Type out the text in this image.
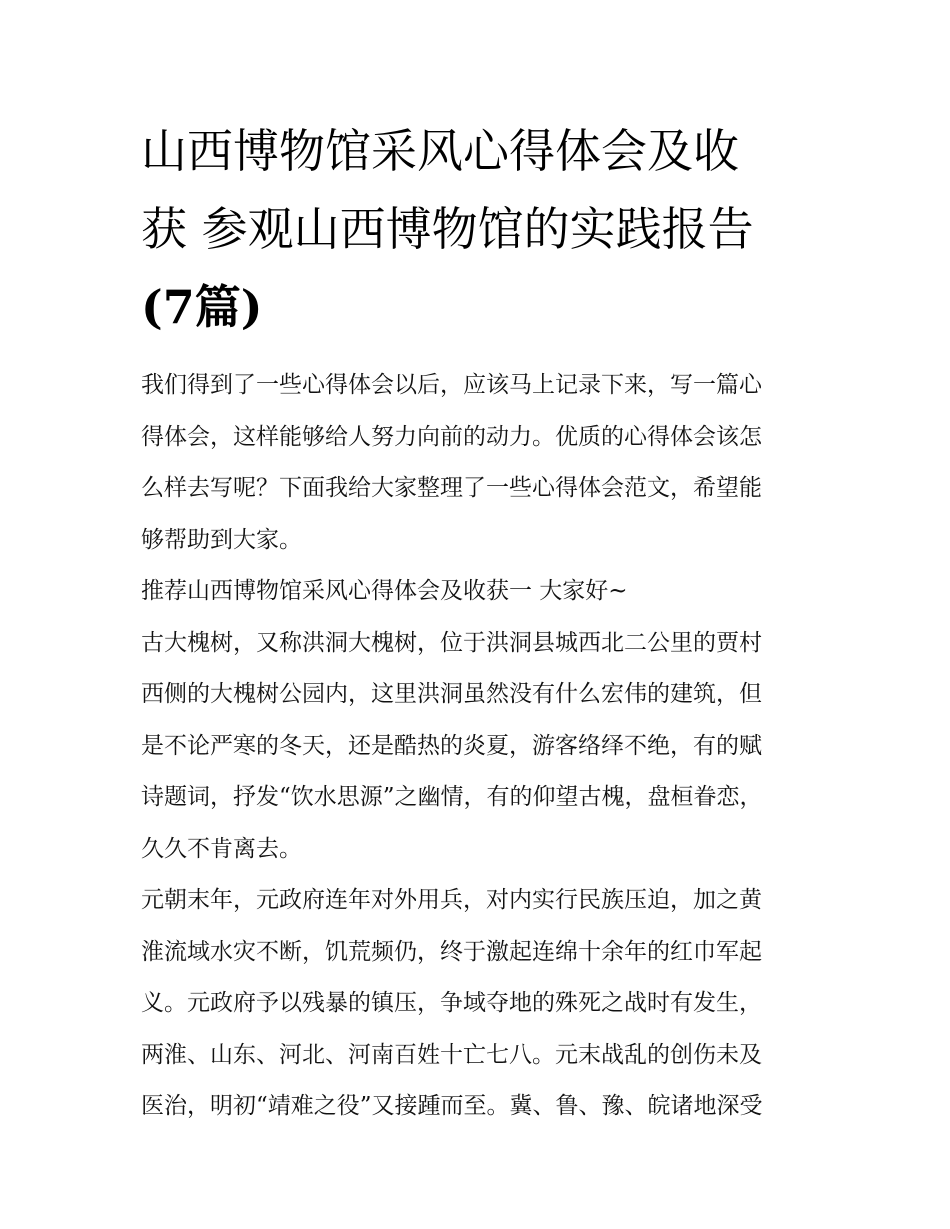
山西博物馆采风心得体会及收
获 参观山西博物馆的实践报告
(7篇)
我们得到了一些心得体会以后，应该马上记录下来，写一篇心
得体会，这样能够给人努力向前的动力。优质的心得体会该怎
么样去写呢？下面我给大家整理了一些心得体会范文，希望能
够帮助到大家。
推荐山西博物馆采风心得体会及收获一 大家好~
古大槐树，又称洪洞大槐树，位于洪洞县城西北二公里的贾村
西侧的大槐树公园内，这里洪洞虽然没有什么宏伟的建筑，但
是不论严寒的冬天，还是酷热的炎夏，游客络绎不绝，有的赋
诗题词，抒发“饮水思源”之幽情，有的仰望古槐，盘桓眷恋，
久久不肯离去。
元朝末年，元政府连年对外用兵，对内实行民族压迫，加之黄
淮流域水灾不断，饥荒频仍，终于激起连绵十余年的红巾军起
义。元政府予以残暴的镇压，争域夺地的殊死之战时有发生，
两淮、山东、河北、河南百姓十亡七八。元末战乱的创伤未及
医治，明初“靖难之役”又接踵而至。冀、鲁、豫、皖诸地深受
